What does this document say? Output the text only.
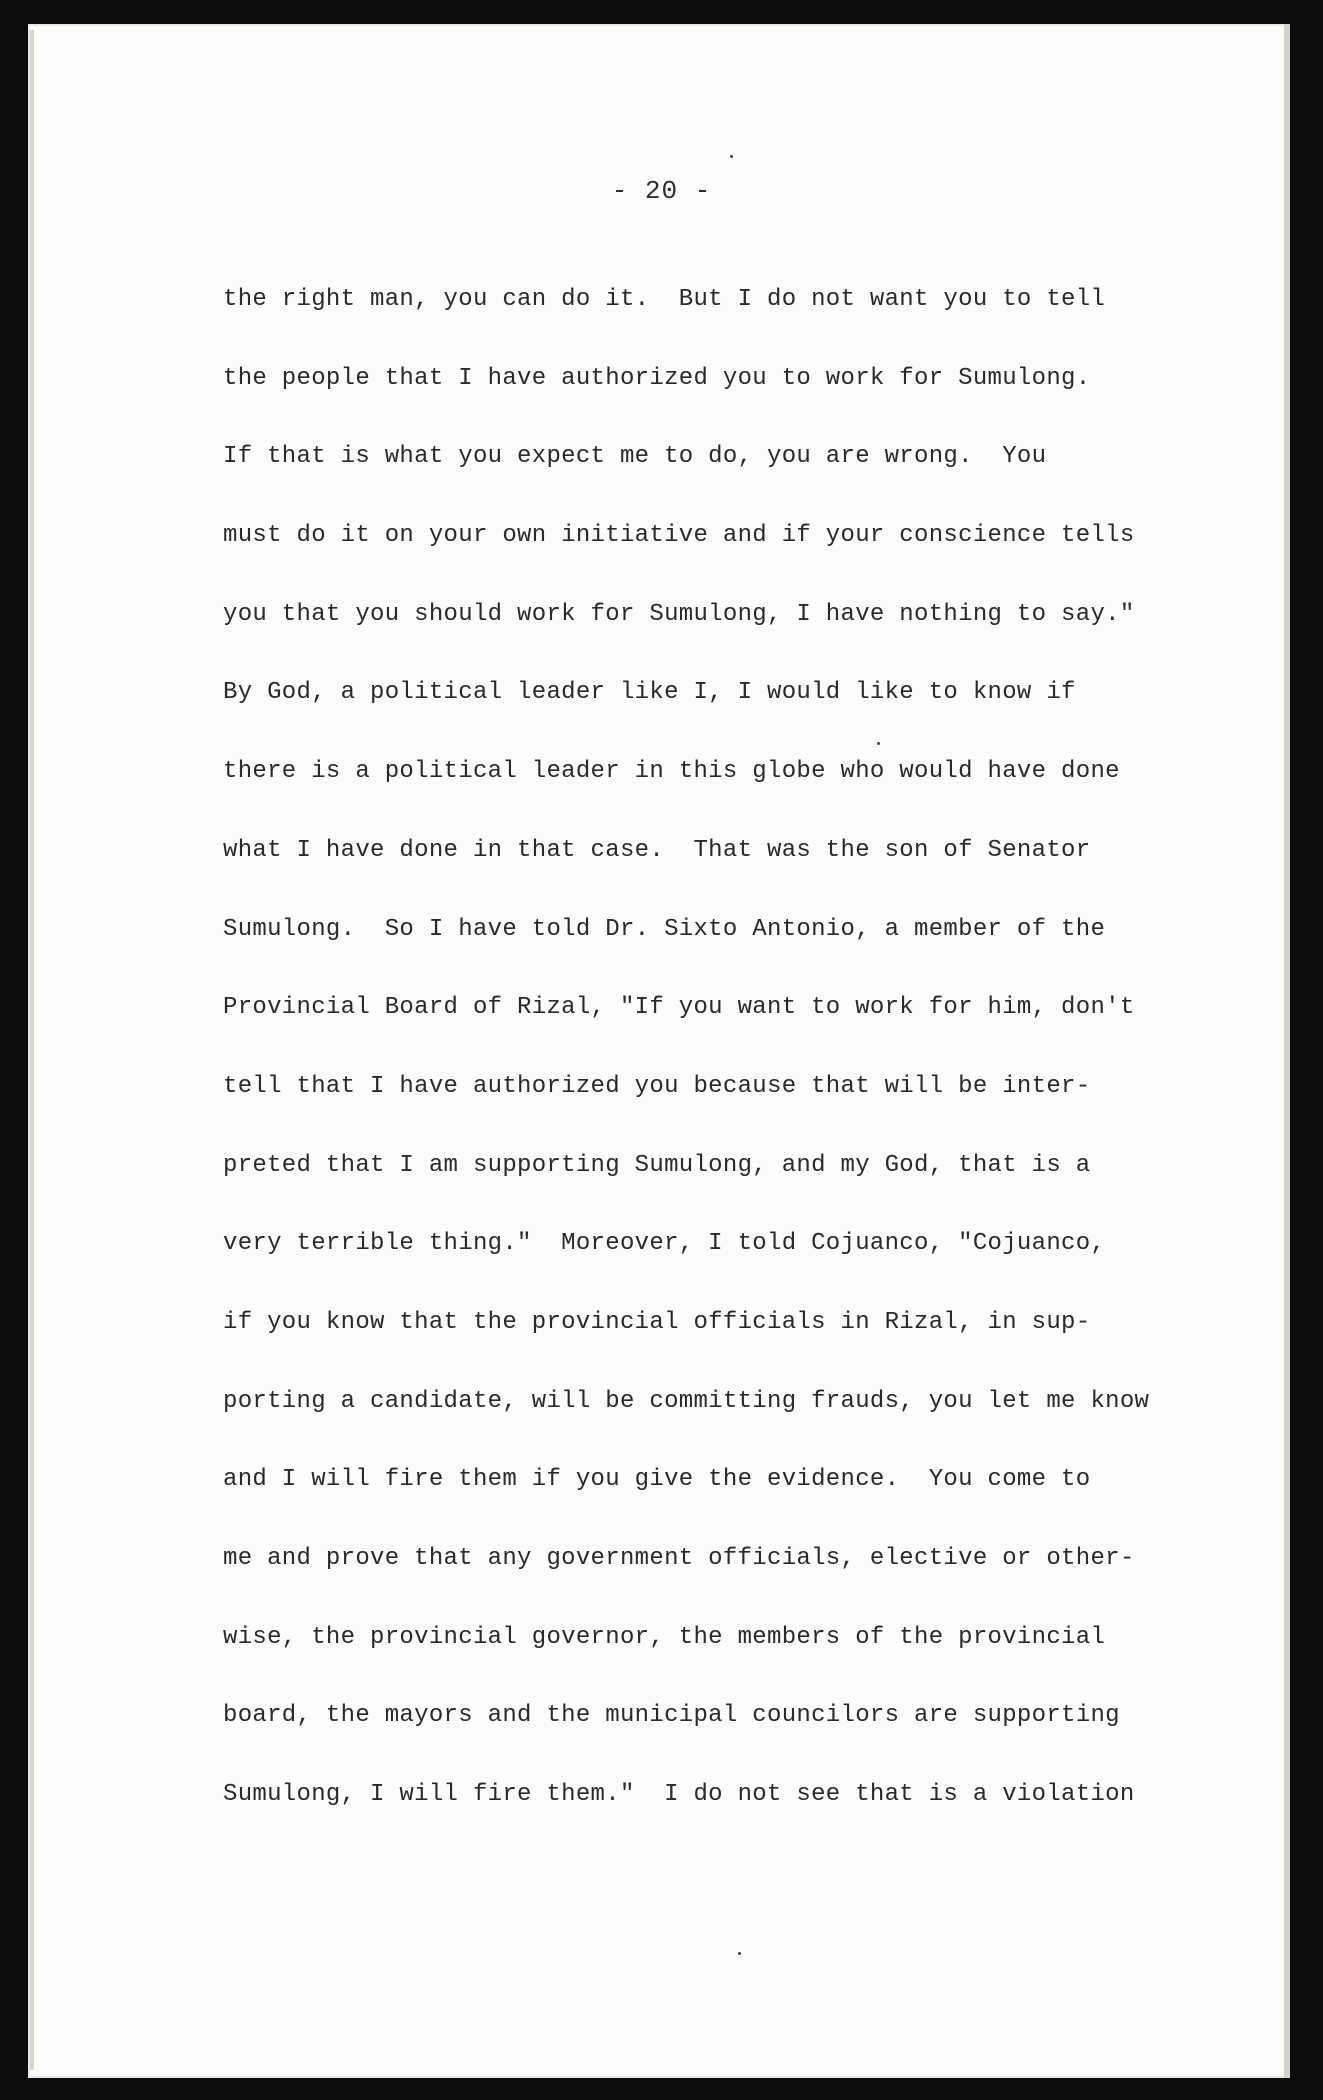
- 20 -
the right man, you can do it.  But I do not want you to tell
the people that I have authorized you to work for Sumulong.
If that is what you expect me to do, you are wrong.  You
must do it on your own initiative and if your conscience tells
you that you should work for Sumulong, I have nothing to say."
By God, a political leader like I, I would like to know if
there is a political leader in this globe who would have done
what I have done in that case.  That was the son of Senator
Sumulong.  So I have told Dr. Sixto Antonio, a member of the
Provincial Board of Rizal, "If you want to work for him, don't
tell that I have authorized you because that will be inter-
preted that I am supporting Sumulong, and my God, that is a
very terrible thing."  Moreover, I told Cojuanco, "Cojuanco,
if you know that the provincial officials in Rizal, in sup-
porting a candidate, will be committing frauds, you let me know
and I will fire them if you give the evidence.  You come to
me and prove that any government officials, elective or other-
wise, the provincial governor, the members of the provincial
board, the mayors and the municipal councilors are supporting
Sumulong, I will fire them."  I do not see that is a violation
